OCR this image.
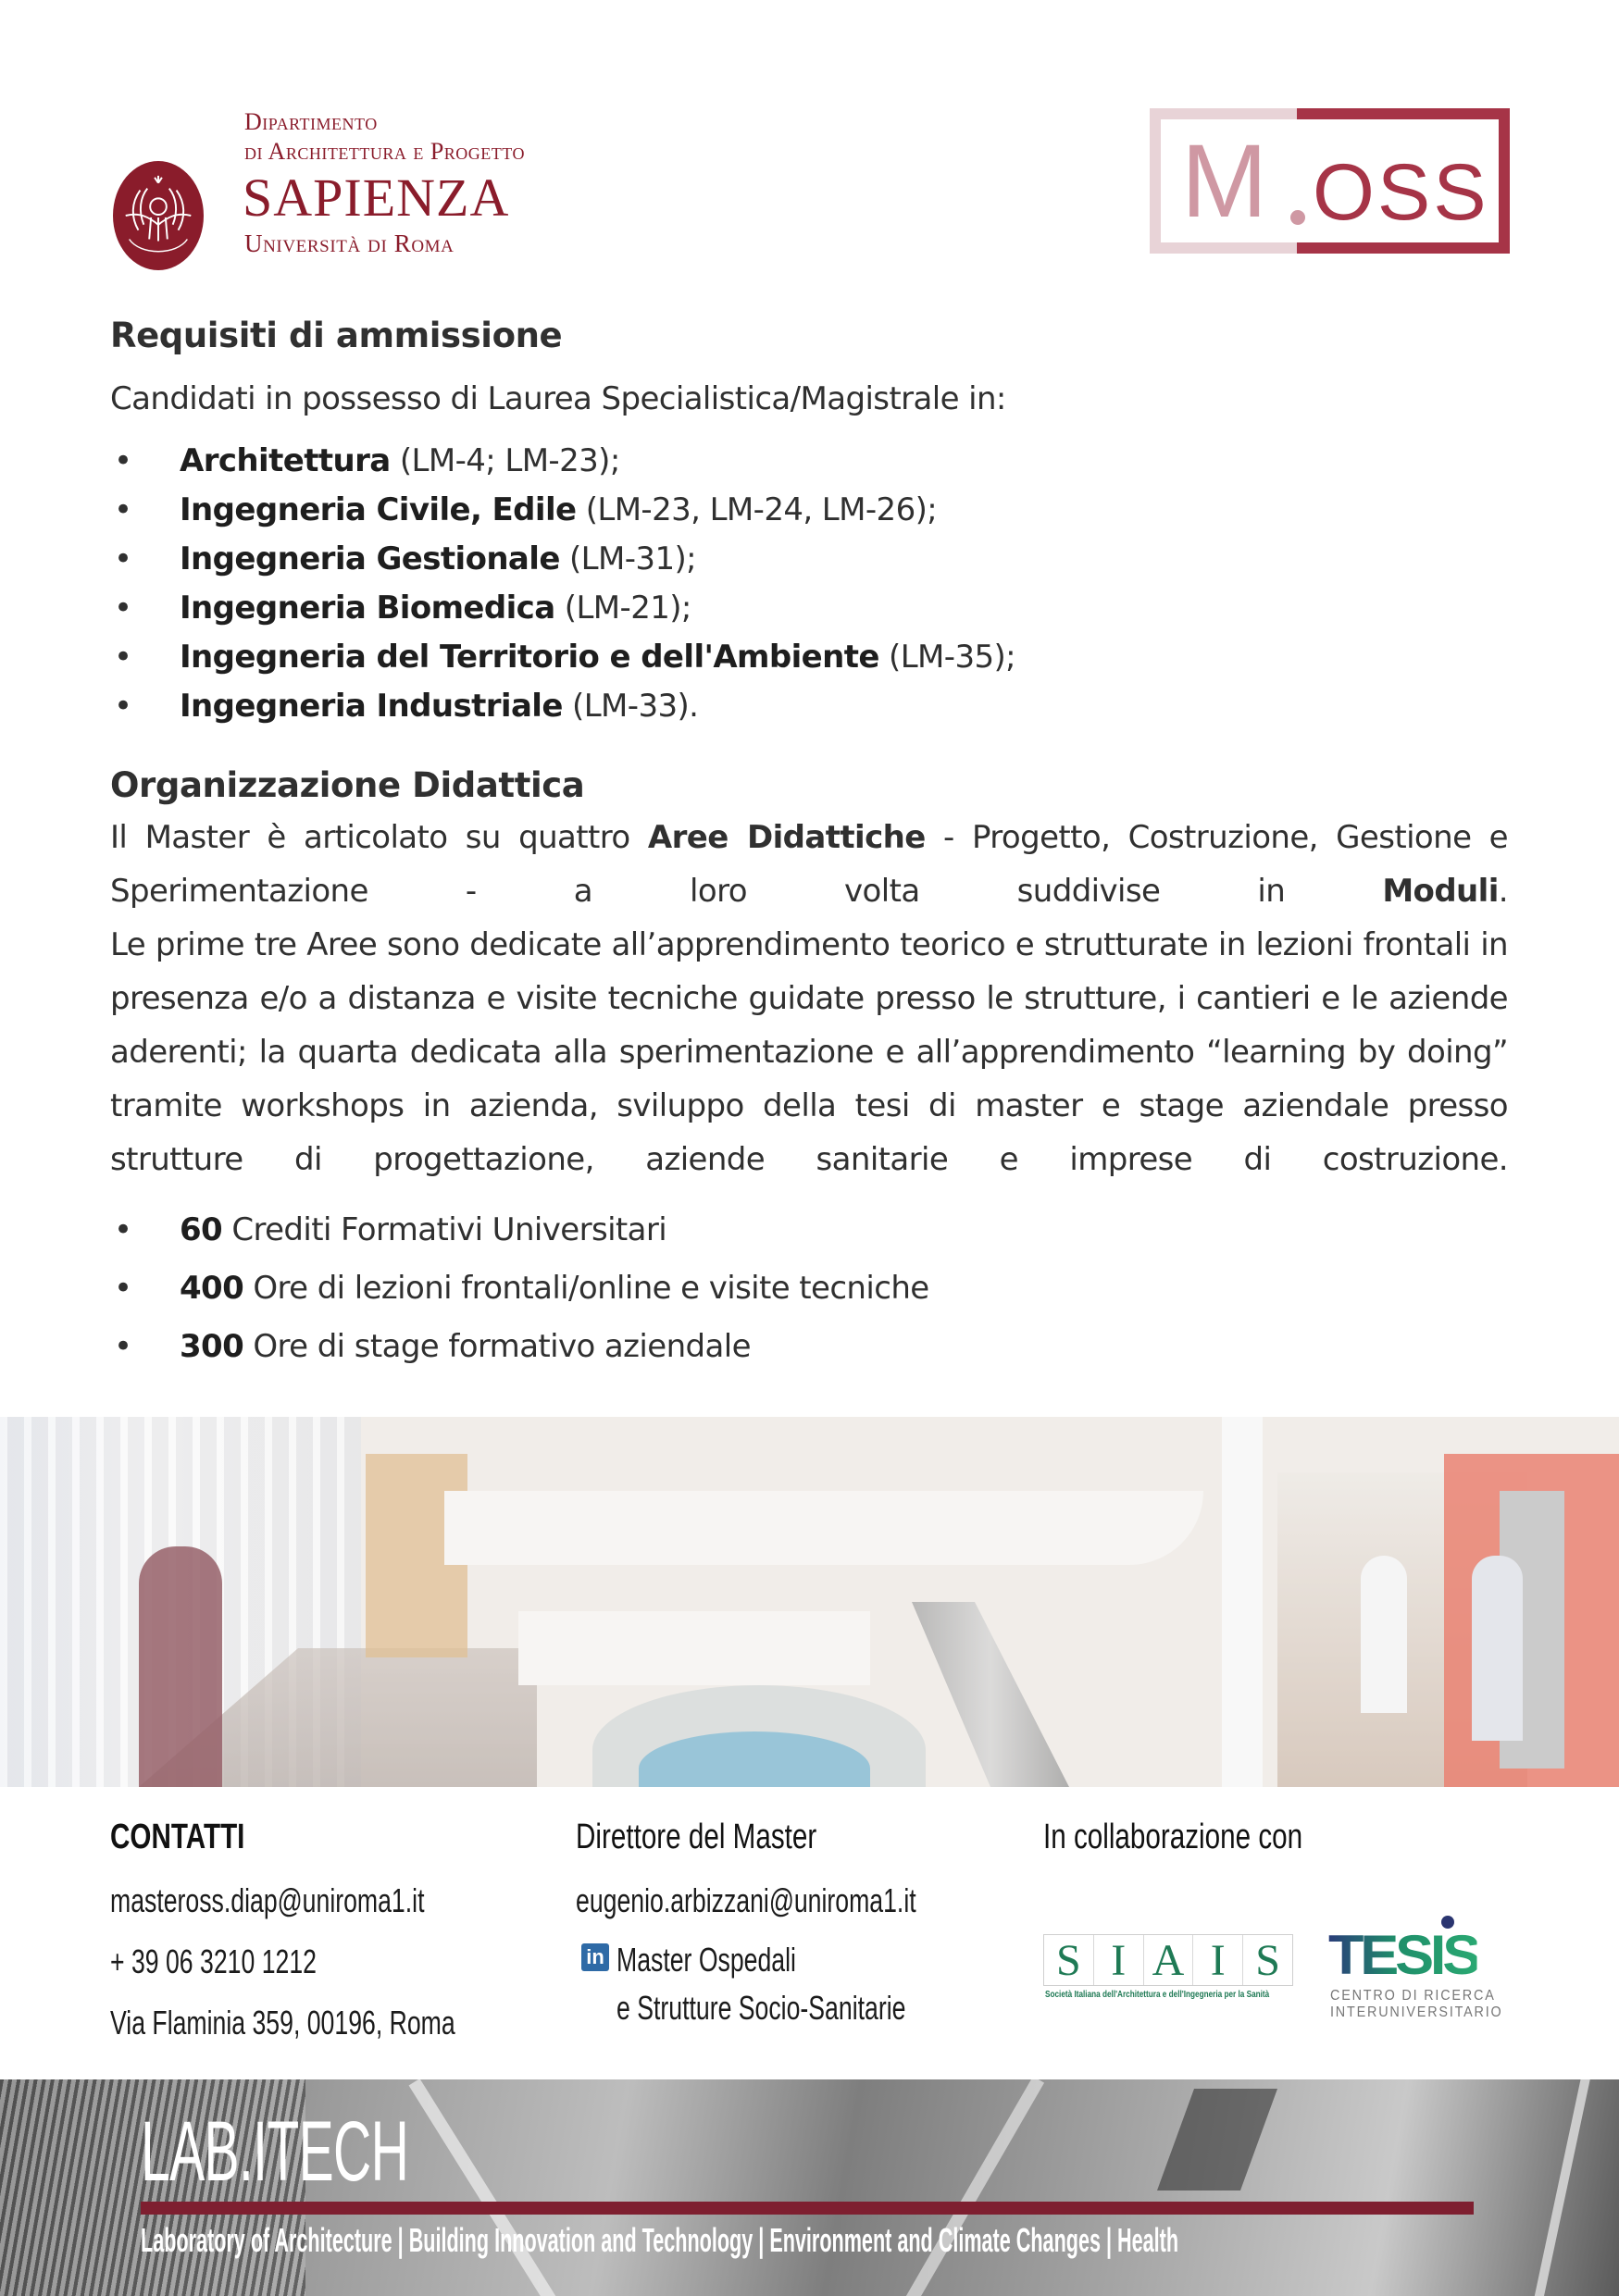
Dipartimento
di Architettura e Progetto
SAPIENZA
Università di Roma
M OSS
Requisiti di ammissione
Candidati in possesso di Laurea Specialistica/Magistrale in:
• Architettura (LM-4; LM-23);
• Ingegneria Civile, Edile (LM-23, LM-24, LM-26);
• Ingegneria Gestionale (LM-31);
• Ingegneria Biomedica (LM-21);
• Ingegneria del Territorio e dell'Ambiente (LM-35);
• Ingegneria Industriale (LM-33).
Organizzazione Didattica
Il Master è articolato su quattro Aree Didattiche - Progetto, Costruzione, Gestione e Sperimentazione - a loro volta suddivise in Moduli.
Le prime tre Aree sono dedicate all’apprendimento teorico e strutturate in lezioni frontali in presenza e/o a distanza e visite tecniche guidate presso le strutture, i cantieri e le aziende aderenti; la quarta dedicata alla sperimentazione e all’apprendimento “learning by doing” tramite workshops in azienda, sviluppo della tesi di master e stage aziendale presso strutture di progettazione, aziende sanitarie e imprese di costruzione.
• 60 Crediti Formativi Universitari
• 400 Ore di lezioni frontali/online e visite tecniche
• 300 Ore di stage formativo aziendale
CONTATTI
masteross.diap@uniroma1.it
+ 39 06 3210 1212
Via Flaminia 359, 00196, Roma
Direttore del Master
eugenio.arbizzani@uniroma1.it
in Master Ospedali
e Strutture Socio-Sanitarie
In collaborazione con
S I A I S
Società Italiana dell'Architettura e dell'Ingegneria per la Sanità
TESIS
CENTRO DI RICERCA
INTERUNIVERSITARIO
LAB.ITECH
Laboratory of Architecture | Building Innovation and Technology | Environment and Climate Changes | Health
